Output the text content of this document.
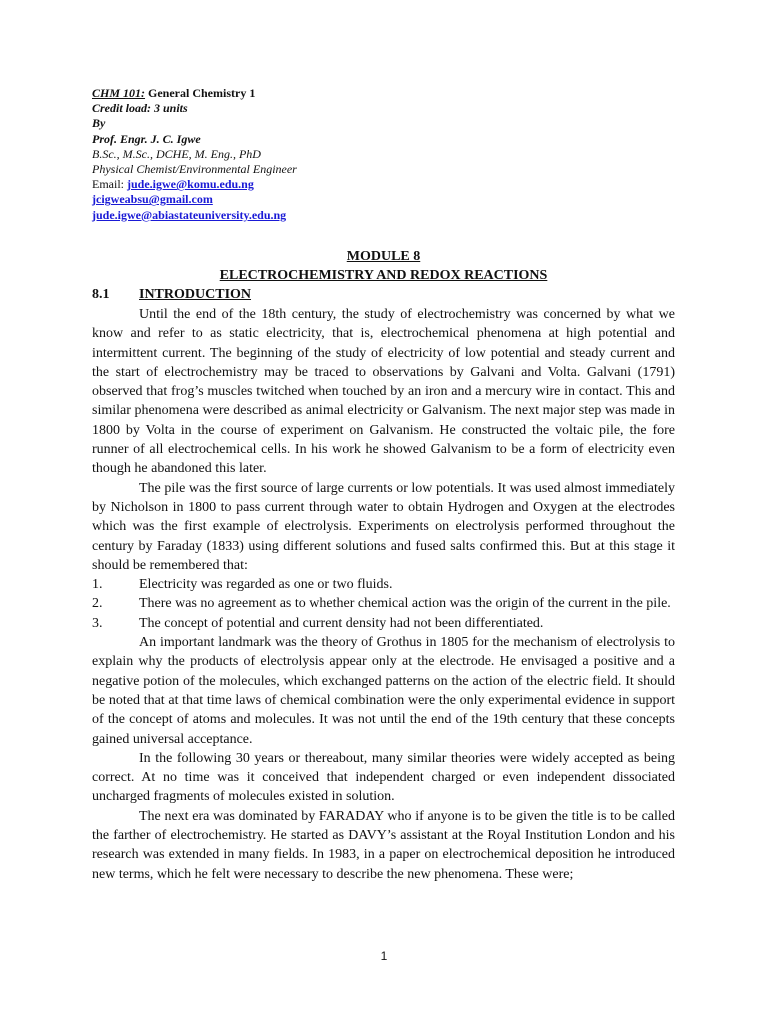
CHM 101: General Chemistry 1
Credit load: 3 units
By
Prof. Engr. J. C. Igwe
B.Sc., M.Sc., DCHE, M. Eng., PhD
Physical Chemist/Environmental Engineer
Email: jude.igwe@komu.edu.ng
jcigweabsu@gmail.com
jude.igwe@abiastateuniversity.edu.ng
MODULE 8
ELECTROCHEMISTRY AND REDOX REACTIONS
8.1 INTRODUCTION

Until the end of the 18th century, the study of electrochemistry was concerned by what we know and refer to as static electricity, that is, electrochemical phenomena at high potential and intermittent current. The beginning of the study of electricity of low potential and steady current and the start of electrochemistry may be traced to observations by Galvani and Volta. Galvani (1791) observed that frog’s muscles twitched when touched by an iron and a mercury wire in contact. This and similar phenomena were described as animal electricity or Galvanism. The next major step was made in 1800 by Volta in the course of experiment on Galvanism. He constructed the voltaic pile, the fore runner of all electrochemical cells. In his work he showed Galvanism to be a form of electricity even though he abandoned this later.

The pile was the first source of large currents or low potentials. It was used almost immediately by Nicholson in 1800 to pass current through water to obtain Hydrogen and Oxygen at the electrodes which was the first example of electrolysis. Experiments on electrolysis performed throughout the century by Faraday (1833) using different solutions and fused salts confirmed this. But at this stage it should be remembered that:

1.	Electricity was regarded as one or two fluids.
2.	There was no agreement as to whether chemical action was the origin of the current in the pile.
3.	The concept of potential and current density had not been differentiated.

An important landmark was the theory of Grothus in 1805 for the mechanism of electrolysis to explain why the products of electrolysis appear only at the electrode. He envisaged a positive and a negative potion of the molecules, which exchanged patterns on the action of the electric field. It should be noted that at that time laws of chemical combination were the only experimental evidence in support of the concept of atoms and molecules. It was not until the end of the 19th century that these concepts gained universal acceptance.

In the following 30 years or thereabout, many similar theories were widely accepted as being correct. At no time was it conceived that independent charged or even independent dissociated uncharged fragments of molecules existed in solution.

The next era was dominated by FARADAY who if anyone is to be given the title is to be called the farther of electrochemistry. He started as DAVY’s assistant at the Royal Institution London and his research was extended in many fields. In 1983, in a paper on electrochemical deposition he introduced new terms, which he felt were necessary to describe the new phenomena. These were;

1
